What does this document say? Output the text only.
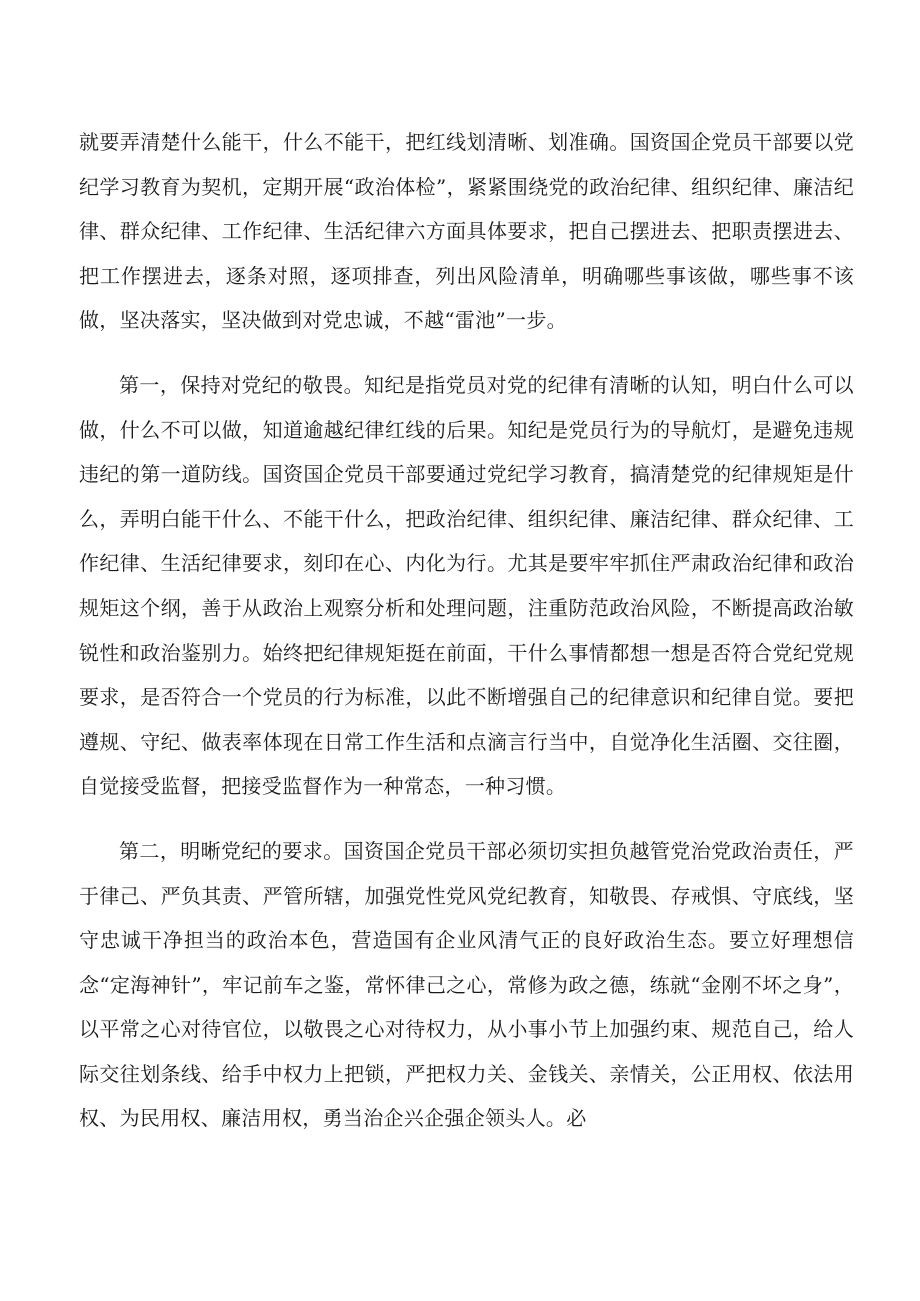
就要弄清楚什么能干，什么不能干，把红线划清晰、划准确。国资国企党员干部要以党纪学习教育为契机，定期开展“政治体检”，紧紧围绕党的政治纪律、组织纪律、廉洁纪律、群众纪律、工作纪律、生活纪律六方面具体要求，把自己摆进去、把职责摆进去、把工作摆进去，逐条对照，逐项排查，列出风险清单，明确哪些事该做，哪些事不该做，坚决落实，坚决做到对党忠诚，不越“雷池”一步。

第一，保持对党纪的敬畏。知纪是指党员对党的纪律有清晰的认知，明白什么可以做，什么不可以做，知道逾越纪律红线的后果。知纪是党员行为的导航灯，是避免违规违纪的第一道防线。国资国企党员干部要通过党纪学习教育，搞清楚党的纪律规矩是什么，弄明白能干什么、不能干什么，把政治纪律、组织纪律、廉洁纪律、群众纪律、工作纪律、生活纪律要求，刻印在心、内化为行。尤其是要牢牢抓住严肃政治纪律和政治规矩这个纲，善于从政治上观察分析和处理问题，注重防范政治风险，不断提高政治敏锐性和政治鉴别力。始终把纪律规矩挺在前面，干什么事情都想一想是否符合党纪党规要求，是否符合一个党员的行为标准，以此不断增强自己的纪律意识和纪律自觉。要把遵规、守纪、做表率体现在日常工作生活和点滴言行当中，自觉净化生活圈、交往圈，自觉接受监督，把接受监督作为一种常态，一种习惯。

第二，明晰党纪的要求。国资国企党员干部必须切实担负越管党治党政治责任，严于律己、严负其责、严管所辖，加强党性党风党纪教育，知敬畏、存戒惧、守底线，坚守忠诚干净担当的政治本色，营造国有企业风清气正的良好政治生态。要立好理想信念“定海神针”，牢记前车之鉴，常怀律己之心，常修为政之德，练就“金刚不坏之身”，以平常之心对待官位，以敬畏之心对待权力，从小事小节上加强约束、规范自己，给人际交往划条线、给手中权力上把锁，严把权力关、金钱关、亲情关，公正用权、依法用权、为民用权、廉洁用权，勇当治企兴企强企领头人。必
